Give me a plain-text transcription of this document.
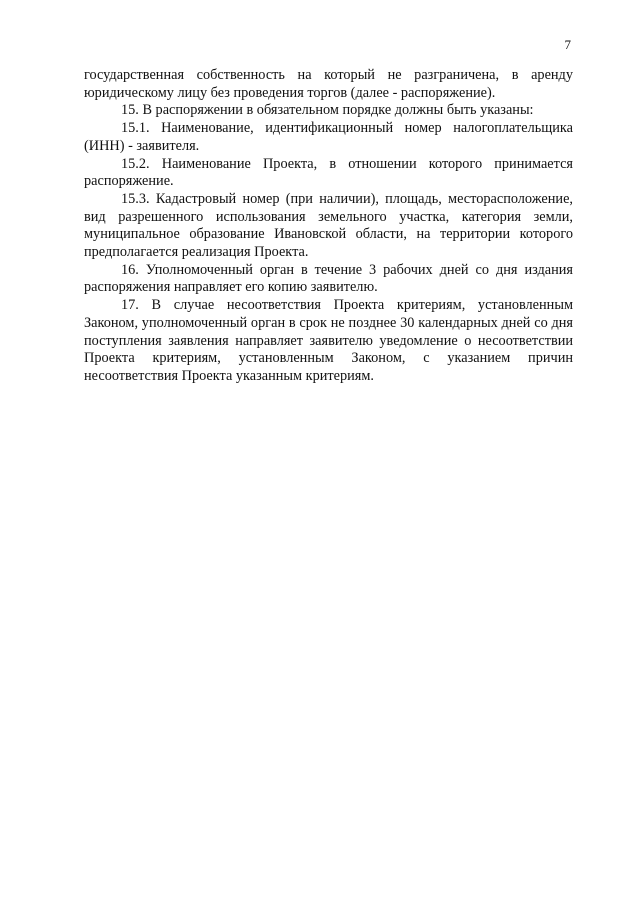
7

государственная собственность на который не разграничена, в аренду юридическому лицу без проведения торгов (далее - распоряжение).

15. В распоряжении в обязательном порядке должны быть указаны:

15.1. Наименование, идентификационный номер налогоплательщика (ИНН) - заявителя.

15.2. Наименование Проекта, в отношении которого принимается распоряжение.

15.3. Кадастровый номер (при наличии), площадь, месторасположение, вид разрешенного использования земельного участка, категория земли, муниципальное образование Ивановской области, на территории которого предполагается реализация Проекта.

16. Уполномоченный орган в течение 3 рабочих дней со дня издания распоряжения направляет его копию заявителю.

17. В случае несоответствия Проекта критериям, установленным Законом, уполномоченный орган в срок не позднее 30 календарных дней со дня поступления заявления направляет заявителю уведомление о несоответствии Проекта критериям, установленным Законом, с указанием причин несоответствия Проекта указанным критериям.
